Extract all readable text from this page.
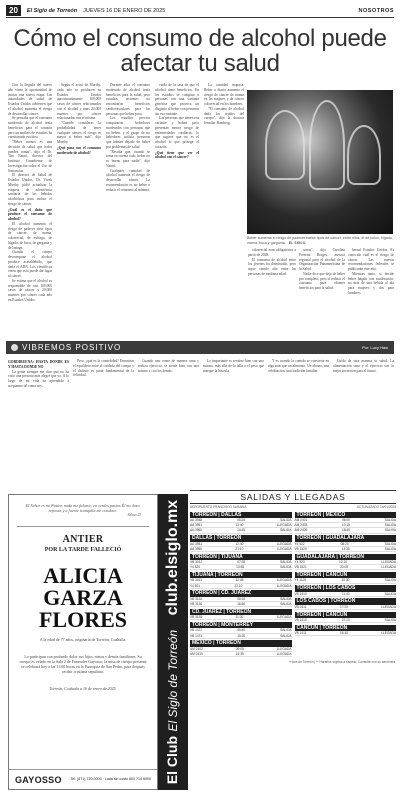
20	El Siglo de Torreón JUEVES 16 DE ENERO DE 2025	NOSOTROS
Cómo el consumo de alcohol puede afectar tu salud

Con la llegada del nuevo año viene la oportunidad de iniciar una nueva etapa. Las autoridades de salud de Estados Unidos advierten que el alcohol aumenta el riesgo de desarrollar cáncer.

Se pensaba que el consumo moderado de alcohol tenía beneficios para el corazón pero un análisis de estudios ha cuestionado esa idea.

"Beber menos es una decisión de salud que todos pueden tomar", dijo el Dr. Tim Naimi, director del Instituto Canadiense de Investigación sobre el Uso de Sustancias.

El director de Salud de Estados Unidos, Dr. Vivek Murthy, pidió actualizar la etiqueta de advertencia sanitaria de las bebidas alcohólicas para incluir el riesgo de cáncer.

¿Cuál es el daño que produce el consumo de alcohol?

El alcohol aumenta el riesgo de padecer siete tipos de cáncer: de mama, colorrectal, de esófago, de hígado, de boca, de garganta y de laringe.

Cuando el cuerpo descompone el alcohol produce acetaldehído, que daña el ADN. Los científicos creen que esto puede dar lugar al cáncer.

Se estima que el alcohol es responsable de casi 100,000 casos de cáncer y 20,000 muertes por cáncer cada año en Estados Unidos.

Según el aviso de Murthy, cada año se producen en Estados Unidos aproximadamente 100,000 casos de cáncer relacionados con el alcohol y unas 20,000 muertes por cáncer relacionadas con el mismo.

"Cuando consideras la probabilidad de tener cualquier cáncer, el riesgo es mayor si bebes más", dijo Murthy.

¿Qué pasa con el consumo moderado de alcohol?

Durante años el consumo moderado de alcohol tenía beneficios para la salud, pero estudios recientes no encontraron beneficios cardiovasculares para las personas que beben poco.

Los estudios previos compararon bebedores moderados con personas que no beben, y el grupo de no bebedores incluía personas que habían dejado de beber por problemas de salud.

"Resulta que, cuando se toma en cuenta todo, beber no es bueno para nadie", dijo Naimi.

Cualquier cantidad de alcohol aumenta el riesgo de desarrollar cáncer. La recomendación es no beber o reducir el consumo al mínimo.

cuida de la tasa de que el alcohol tiene beneficios. En los estudios se compara a personas con una variante genética que provoca un disgusto al beber con personas sin esa variante.

Las personas que tienen esa variante y beben poco presentan menor riesgo de enfermedades cardíacas, lo que sugiere que no es el alcohol lo que protege el corazón.

¿Qué tiene que ver el alcohol con el cáncer?

La cantidad importa. Beber a diario aumenta el riesgo de cáncer de mama en las mujeres y de cáncer colorrectal en los hombres.

"El consumo de alcohol daña los tejidos del cuerpo", dijo la doctora Jennifer Bomberg.

Beber aumenta el riesgo de padecer varios tipos de cáncer, entre ellos, el de colon, hígado, mama, boca y garganta. EL SIGLO

colorrectal eran obligatorios a partir de 2028.

El consumo de alcohol entre los jóvenes ha disminuido, pero sigue siendo alto entre las personas de mediana edad.

sonas", dijo Carolina Ferreira Borges, asesora regional para el alcohol de la Organización Panamericana de la Salud.

Nadie dice que deje de beber por completo, pero sí reducir el consumo para obtener beneficios para la salud.

bernal Estados Unidos. Es conocido cuál es el riesgo de cáncer. Las nuevas recomendaciones federales se publicarán este año.

Mientras tanto, si decide beber hágalo con moderación: no más de una bebida al día para mujeres y dos para hombres.

VIBREMOS POSITIVO	Por: Lucy Haw

GORDIBUENA: HASTA DONDE ES Y HASTA DONDE NO

La gente siempre me dice que no ha visto una persona más alegre que yo. A lo largo de mi vida he aprendido a aceptarme tal como soy.

Pero, ¿qué es la comodidad? Encontrar el equilibrio entre el cuidado del cuerpo y el disfrute es parte fundamental de la felicidad.

Cuando uno come de manera sana y realiza ejercicio, se siente bien con uno mismo y con los demás.

Lo importante es sentirse bien con uno mismo, más allá de la talla o el peso que marque la báscula.

Y es cuando la comida se convierte en algo más que un alimento. Un abrazo, una celebración, una tradición familiar.

Cuida de otra manera tu salud. La alimentación sana y el ejercicio son tu mejor inversión para el futuro.

El Señor es mi Pastor, nada me faltará; en verdes pastos Él me hace reposar y a fuente tranquila me conduce.
Salmo 23
ANTIER
POR LA TARDE FALLECIÓ
ALICIA GARZA FLORES
A la edad de 77 años, originaria de Torreón, Coahuila.
Lo participan con profundo dolor sus hijos, nietos y demás familiares. Su cuerpo es velado en la Sala 2 de Funerales Gayosso; la misa de cuerpo presente se celebrará hoy a las 11:00 horas en la Parroquia de San Pedro, para después recibir cristiana sepultura.
Torreón, Coahuila a 16 de enero de 2025.
GAYOSSO Tel. (871) 720-0000 · Lada sin costo 800 714 6000 El Club El Siglo de Torreón club.elsiglo.mx
SALIDAS Y LLEGADAS
AEROPUERTO FRANCISCO SARABIA	ACTUALIZADO 16/01/2025
TORREÓN | DALLAS
AA 3948	05:25	SALIDA
AA 3951	12:40	LLEGADA
AA 3960	14:45	SALIDA
DALLAS | TORREÓN
AA 3951	12:40	LLEGADA
AA 3950	21:10	LLEGADA
TORREÓN | TIJUANA
VB 3012	07:35	SALIDA
Y4 820	13:55	SALIDA
TIJUANA | TORREÓN
VB 3011	12:45	LLEGADA
Y4 821	22:10	LLEGADA
TORREÓN | CD. JUÁREZ
VB 3134	08:15	SALIDA
VB 3136	16:50	SALIDA
CD. JUÁREZ | TORREÓN
VB 3135	11:30	LLEGADA
TORREÓN | MONTERREY
VB 1472	06:40	SALIDA
VB 1474	15:20	SALIDA
MÉXICO | TORREÓN
AM 2402	09:05	LLEGADA
AM 2410	19:35	LLEGADA
TORREÓN | MÉXICO
AM 2401	06:00	SALIDA
AM 2403	10:15	SALIDA
AM 2409	18:40	SALIDA
TORREÓN | GUADALAJARA
Y4 522	08:20	SALIDA
VB 1520	14:35	SALIDA
GUADALAJARA | TORREÓN
Y4 523	12:10	LLEGADA
VB 1521	20:05	LLEGADA
TORREÓN | CANCÚN
Y4 1120	10:30	SALIDA
TORREÓN | LOS CABOS
VB 2410	11:40	SALIDA
LOS CABOS | TORREÓN
VB 2411	17:25	LLEGADA
TORREÓN | CANCÚN
VB 1410	07:10	SALIDA
CANCÚN | TORREÓN
VB 1411	16:45	LLEGADA
*Hora de Torreón | ** Horarios sujetos a cambio. Consulte con su aerolínea.
